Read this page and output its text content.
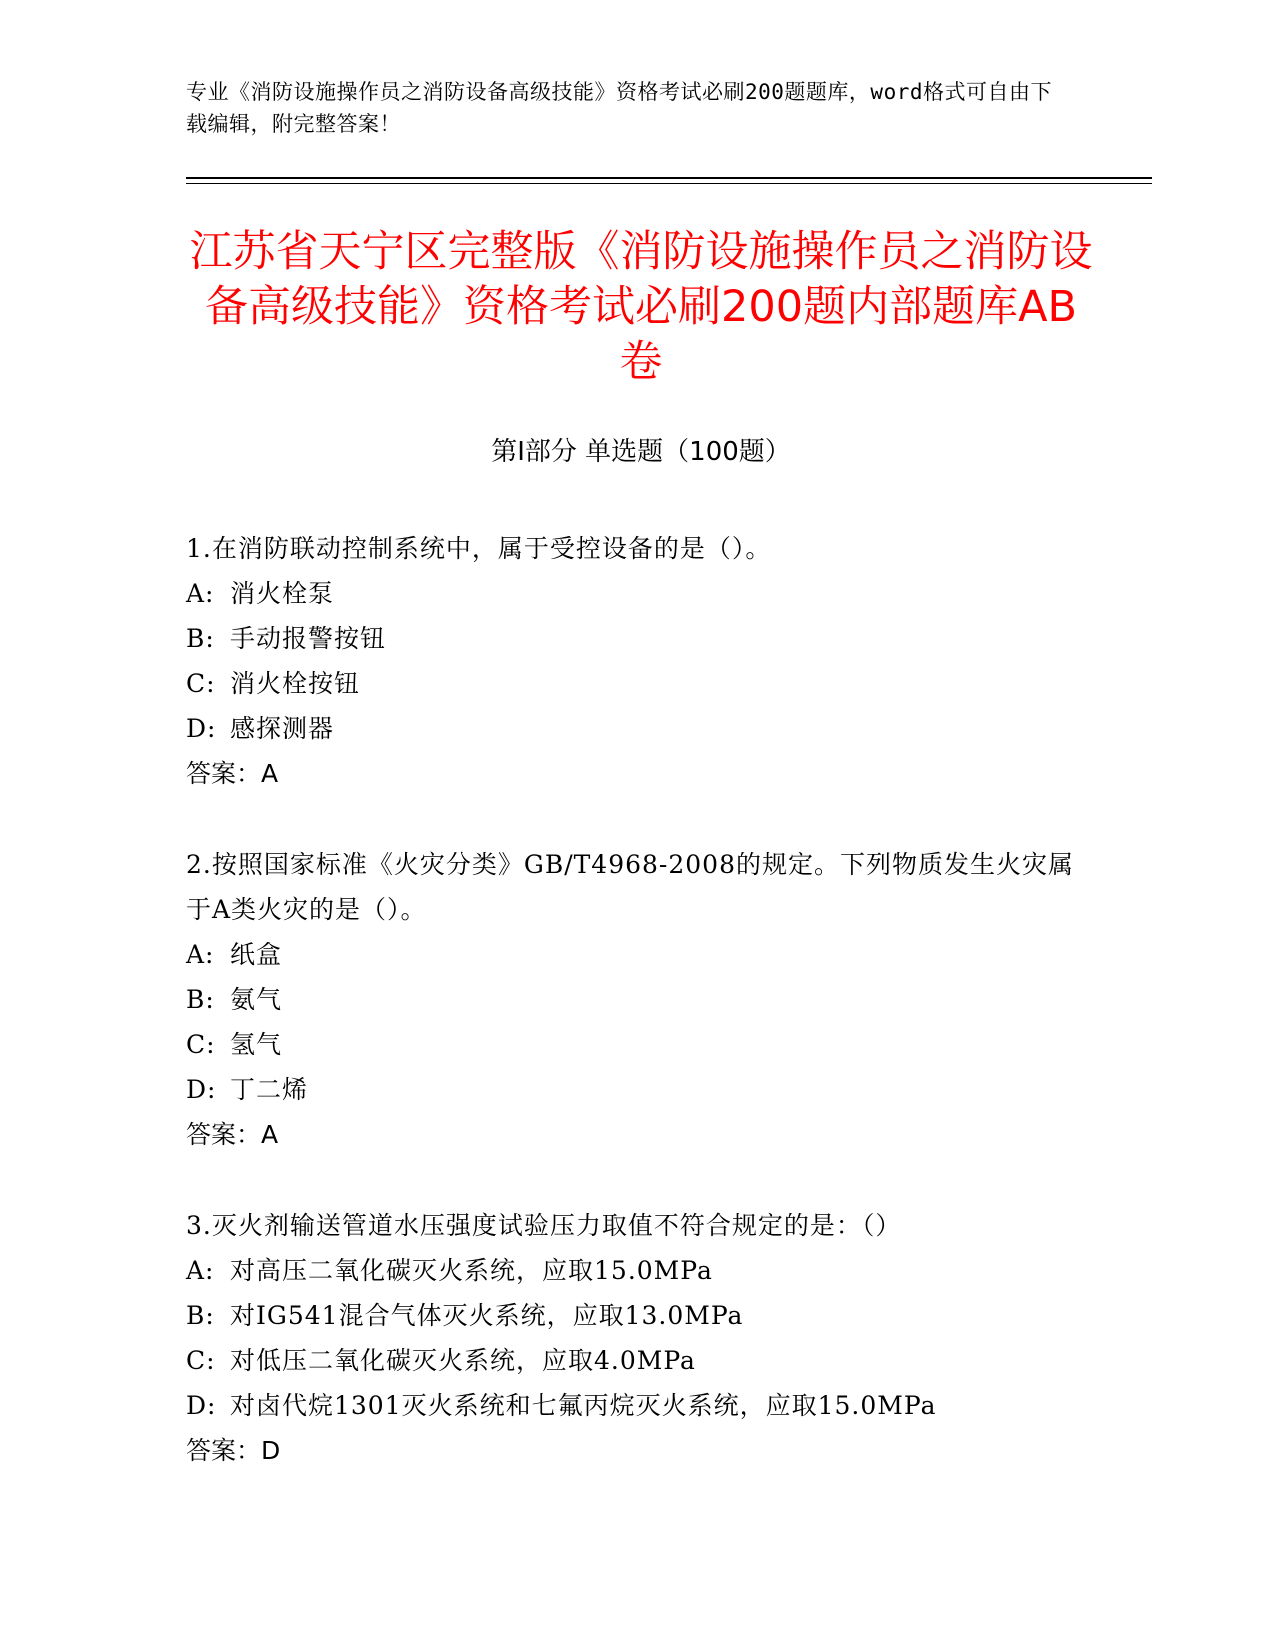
专业《消防设施操作员之消防设备高级技能》资格考试必刷200题题库，word格式可自由下载编辑，附完整答案！
江苏省天宁区完整版《消防设施操作员之消防设备高级技能》资格考试必刷200题内部题库AB卷
第Ⅰ部分 单选题（100题）
1.在消防联动控制系统中，属于受控设备的是（）。
A: 消火栓泵
B: 手动报警按钮
C: 消火栓按钮
D: 感探测器
答案：A
2.按照国家标准《火灾分类》GB/T4968-2008的规定。下列物质发生火灾属于A类火灾的是（）。
A: 纸盒
B: 氨气
C: 氢气
D: 丁二烯
答案：A
3.灭火剂输送管道水压强度试验压力取值不符合规定的是：（）
A: 对高压二氧化碳灭火系统，应取15.0MPa
B: 对IG541混合气体灭火系统，应取13.0MPa
C: 对低压二氧化碳灭火系统，应取4.0MPa
D: 对卤代烷1301灭火系统和七氟丙烷灭火系统，应取15.0MPa
答案：D
